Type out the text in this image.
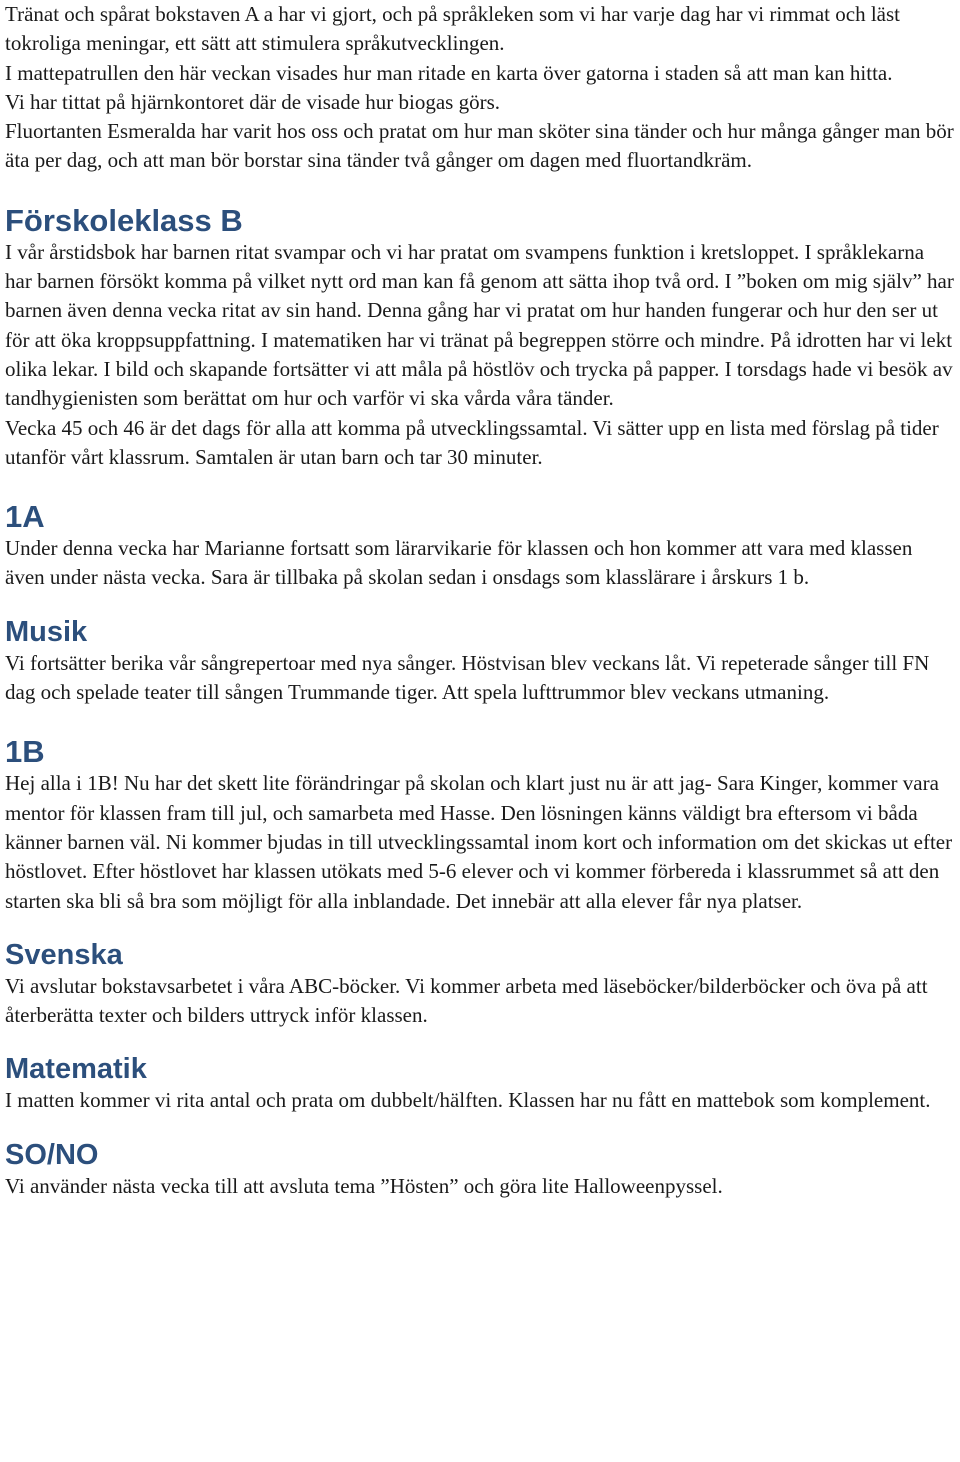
Tränat och spårat bokstaven A a har vi gjort, och på språkleken som vi har varje dag har vi rimmat och läst tokroliga meningar, ett sätt att stimulera språkutvecklingen.

I mattepatrullen den här veckan visades hur man ritade en karta över gatorna i staden så att man kan hitta.

Vi har tittat på hjärnkontoret där de visade hur biogas görs.

Fluortanten Esmeralda har varit hos oss och pratat om hur man sköter sina tänder och hur många gånger man bör äta per dag, och att man bör borstar sina tänder två gånger om dagen med fluortandkräm.

Förskoleklass B

I vår årstidsbok har barnen ritat svampar och vi har pratat om svampens funktion i kretsloppet. I språklekarna har barnen försökt komma på vilket nytt ord man kan få genom att sätta ihop två ord. I ”boken om mig själv” har barnen även denna vecka ritat av sin hand. Denna gång har vi pratat om hur handen fungerar och hur den ser ut för att öka kroppsuppfattning. I matematiken har vi tränat på begreppen större och mindre. På idrotten har vi lekt olika lekar. I bild och skapande fortsätter vi att måla på höstlöv och trycka på papper. I torsdags hade vi besök av tandhygienisten som berättat om hur och varför vi ska vårda våra tänder.

Vecka 45 och 46 är det dags för alla att komma på utvecklingssamtal. Vi sätter upp en lista med förslag på tider utanför vårt klassrum. Samtalen är utan barn och tar 30 minuter.

1A

Under denna vecka har Marianne fortsatt som lärarvikarie för klassen och hon kommer att vara med klassen även under nästa vecka. Sara är tillbaka på skolan sedan i onsdags som klasslärare i årskurs 1 b.

Musik

Vi fortsätter berika vår sångrepertoar med nya sånger. Höstvisan blev veckans låt. Vi repeterade sånger till FN dag och spelade teater till sången Trummande tiger. Att spela lufttrummor blev veckans utmaning.

1B

Hej alla i 1B! Nu har det skett lite förändringar på skolan och klart just nu är att jag- Sara Kinger, kommer vara mentor för klassen fram till jul, och samarbeta med Hasse. Den lösningen känns väldigt bra eftersom vi båda känner barnen väl. Ni kommer bjudas in till utvecklingssamtal inom kort och information om det skickas ut efter höstlovet. Efter höstlovet har klassen utökats med 5-6 elever och vi kommer förbereda i klassrummet så att den starten ska bli så bra som möjligt för alla inblandade. Det innebär att alla elever får nya platser.

Svenska

Vi avslutar bokstavsarbetet i våra ABC-böcker. Vi kommer arbeta med läseböcker/bilderböcker och öva på att återberätta texter och bilders uttryck inför klassen.

Matematik

I matten kommer vi rita antal och prata om dubbelt/hälften. Klassen har nu fått en mattebok som komplement.

SO/NO

Vi använder nästa vecka till att avsluta tema ”Hösten” och göra lite Halloweenpyssel.
